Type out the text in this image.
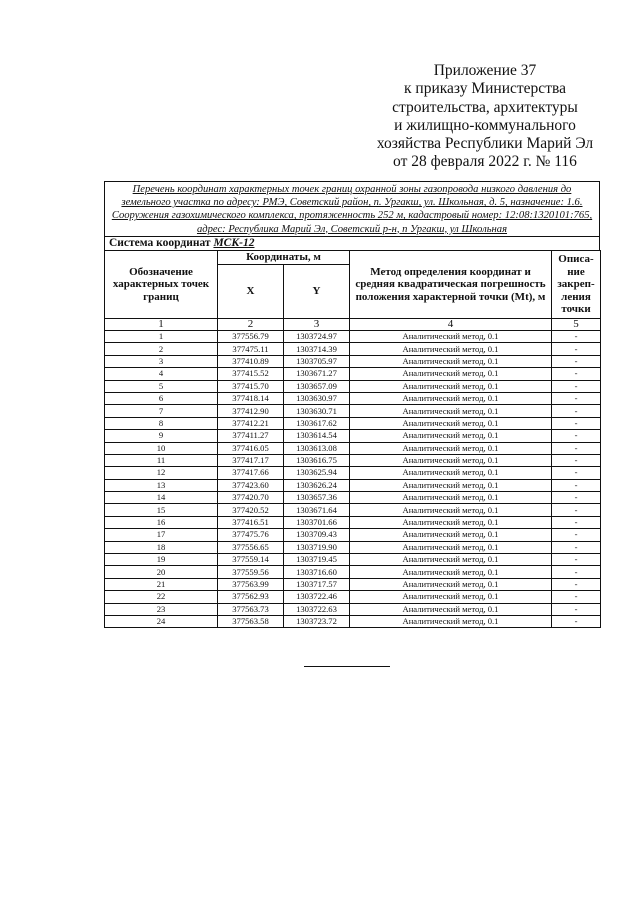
Приложение 37
к приказу Министерства
строительства, архитектуры
и жилищно-коммунального
хозяйства Республики Марий Эл
от 28 февраля 2022 г. № 116
Перечень координат характерных точек границ охранной зоны газопровода низкого давления до земельного участка по адресу: РМЭ, Советский район, п. Ургакш, ул. Школьная, д. 5, назначение: 1.6. Сооружения газохимического комплекса, протяженность 252 м, кадастровый номер: 12:08:1320101:765, адрес: Республика Марий Эл, Советский р-н, п Ургакш, ул Школьная
Система координат МСК-12
Обозначение характерных точек границ	Координаты, м		Метод определения координат и средняя квадратическая погрешность положения характерной точки (Mt), м	Описа-ние закреп-ления точки
	X	Y		
1	2	3	4	5
1	377556.79	1303724.97	Аналитический метод, 0.1	-
2	377475.11	1303714.39	Аналитический метод, 0.1	-
3	377410.89	1303705.97	Аналитический метод, 0.1	-
4	377415.52	1303671.27	Аналитический метод, 0.1	-
5	377415.70	1303657.09	Аналитический метод, 0.1	-
6	377418.14	1303630.97	Аналитический метод, 0.1	-
7	377412.90	1303630.71	Аналитический метод, 0.1	-
8	377412.21	1303617.62	Аналитический метод, 0.1	-
9	377411.27	1303614.54	Аналитический метод, 0.1	-
10	377416.05	1303613.08	Аналитический метод, 0.1	-
11	377417.17	1303616.75	Аналитический метод, 0.1	-
12	377417.66	1303625.94	Аналитический метод, 0.1	-
13	377423.60	1303626.24	Аналитический метод, 0.1	-
14	377420.70	1303657.36	Аналитический метод, 0.1	-
15	377420.52	1303671.64	Аналитический метод, 0.1	-
16	377416.51	1303701.66	Аналитический метод, 0.1	-
17	377475.76	1303709.43	Аналитический метод, 0.1	-
18	377556.65	1303719.90	Аналитический метод, 0.1	-
19	377559.14	1303719.45	Аналитический метод, 0.1	-
20	377559.56	1303716.60	Аналитический метод, 0.1	-
21	377563.99	1303717.57	Аналитический метод, 0.1	-
22	377562.93	1303722.46	Аналитический метод, 0.1	-
23	377563.73	1303722.63	Аналитический метод, 0.1	-
24	377563.58	1303723.72	Аналитический метод, 0.1	-
